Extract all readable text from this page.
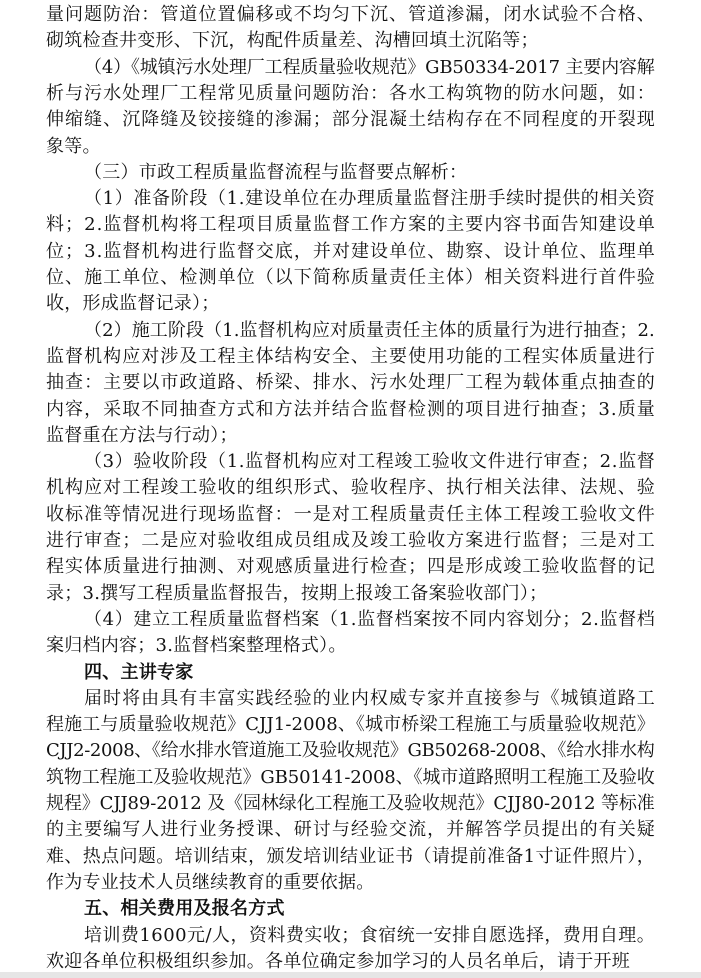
量问题防治：管道位置偏移或不均匀下沉、管道渗漏，闭水试验不合格、
砌筑检查井变形、下沉，构配件质量差、沟槽回填土沉陷等；
（4）《城镇污水处理厂工程质量验收规范》GB50334-2017 主要内容解
析与污水处理厂工程常见质量问题防治：各水工构筑物的防水问题，如：
伸缩缝、沉降缝及铰接缝的渗漏；部分混凝土结构存在不同程度的开裂现
象等。
（三）市政工程质量监督流程与监督要点解析：
（1）准备阶段（1.建设单位在办理质量监督注册手续时提供的相关资
料；2.监督机构将工程项目质量监督工作方案的主要内容书面告知建设单
位；3.监督机构进行监督交底，并对建设单位、勘察、设计单位、监理单
位、施工单位、检测单位（以下简称质量责任主体）相关资料进行首件验
收，形成监督记录）；
（2）施工阶段（1.监督机构应对质量责任主体的质量行为进行抽查；2.
监督机构应对涉及工程主体结构安全、主要使用功能的工程实体质量进行
抽查：主要以市政道路、桥梁、排水、污水处理厂工程为载体重点抽查的
内容，采取不同抽查方式和方法并结合监督检测的项目进行抽查；3.质量
监督重在方法与行动）；
（3）验收阶段（1.监督机构应对工程竣工验收文件进行审查；2.监督
机构应对工程竣工验收的组织形式、验收程序、执行相关法律、法规、验
收标准等情况进行现场监督：一是对工程质量责任主体工程竣工验收文件
进行审查；二是应对验收组成员组成及竣工验收方案进行监督；三是对工
程实体质量进行抽测、对观感质量进行检查；四是形成竣工验收监督的记
录；3.撰写工程质量监督报告，按期上报竣工备案验收部门）；
（4）建立工程质量监督档案（1.监督档案按不同内容划分；2.监督档
案归档内容；3.监督档案整理格式）。
四、主讲专家
届时将由具有丰富实践经验的业内权威专家并直接参与《城镇道路工
程施工与质量验收规范》CJJ1-2008、《城市桥梁工程施工与质量验收规范》
CJJ2-2008、《给水排水管道施工及验收规范》GB50268-2008、《给水排水构
筑物工程施工及验收规范》GB50141-2008、《城市道路照明工程施工及验收
规程》CJJ89-2012 及《园林绿化工程施工及验收规范》CJJ80-2012 等标准
的主要编写人进行业务授课、研讨与经验交流，并解答学员提出的有关疑
难、热点问题。培训结束，颁发培训结业证书（请提前准备1寸证件照片），
作为专业技术人员继续教育的重要依据。
五、相关费用及报名方式
培训费1600元/人，资料费实收；食宿统一安排自愿选择，费用自理。
欢迎各单位积极组织参加。各单位确定参加学习的人员名单后，请于开班
